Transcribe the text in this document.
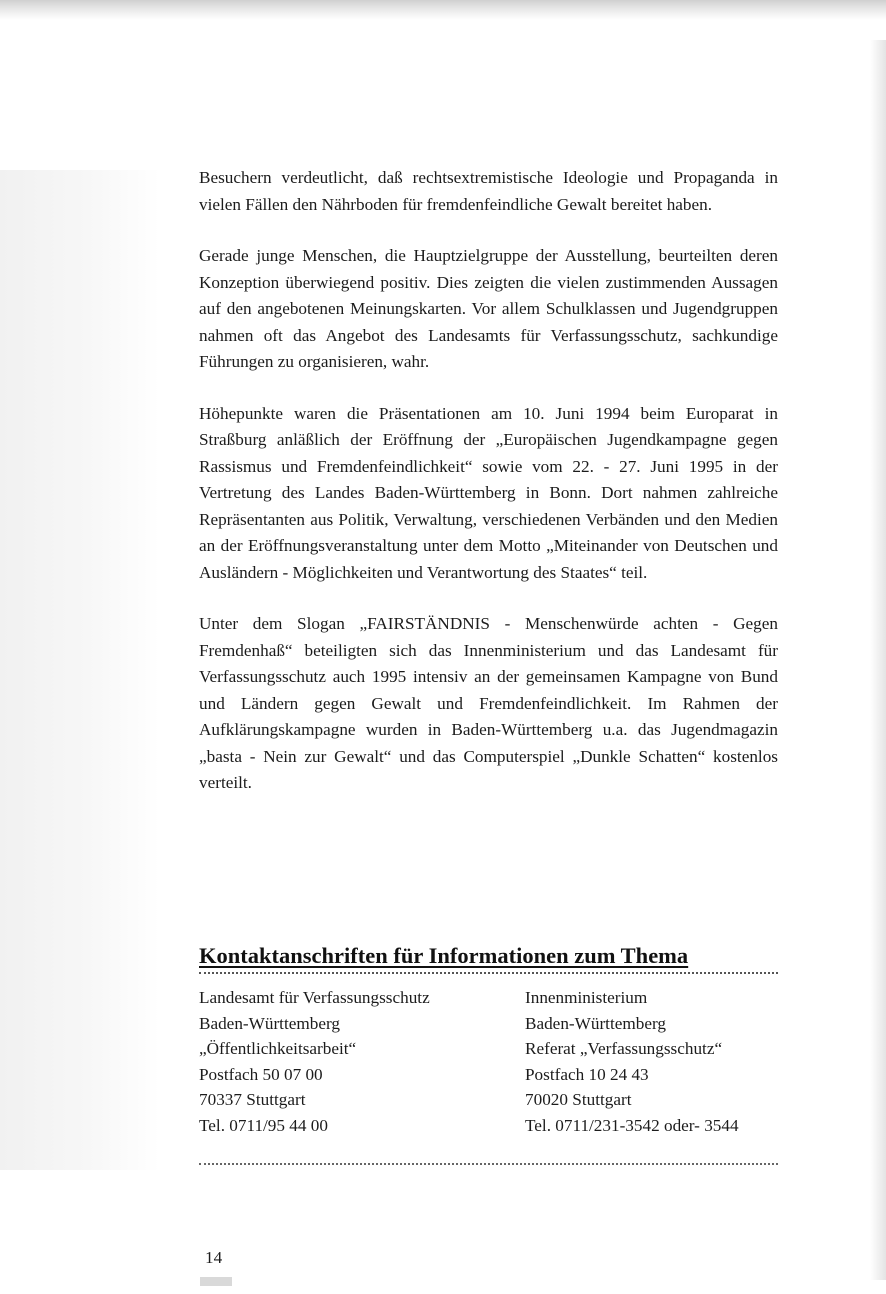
Besuchern verdeutlicht, daß rechtsextremistische Ideologie und Propaganda in vielen Fällen den Nährboden für fremdenfeindliche Gewalt bereitet haben.

Gerade junge Menschen, die Hauptzielgruppe der Ausstellung, beurteilten deren Konzeption überwiegend positiv. Dies zeigten die vielen zustimmenden Aussagen auf den angebotenen Meinungskarten. Vor allem Schulklassen und Jugendgruppen nahmen oft das Angebot des Landesamts für Verfassungsschutz, sachkundige Führungen zu organisieren, wahr.

Höhepunkte waren die Präsentationen am 10. Juni 1994 beim Europarat in Straßburg anläßlich der Eröffnung der „Europäischen Jugendkampagne gegen Rassismus und Fremdenfeindlichkeit“ sowie vom 22. - 27. Juni 1995 in der Vertretung des Landes Baden-Württemberg in Bonn. Dort nahmen zahlreiche Repräsentanten aus Politik, Verwaltung, verschiedenen Verbänden und den Medien an der Eröffnungsveranstaltung unter dem Motto „Miteinander von Deutschen und Ausländern - Möglichkeiten und Verantwortung des Staates“ teil.

Unter dem Slogan „FAIRSTÄNDNIS - Menschenwürde achten - Gegen Fremdenhaß“ beteiligten sich das Innenministerium und das Landesamt für Verfassungsschutz auch 1995 intensiv an der gemeinsamen Kampagne von Bund und Ländern gegen Gewalt und Fremdenfeindlichkeit. Im Rahmen der Aufklärungskampagne wurden in Baden-Württemberg u.a. das Jugendmagazin „basta - Nein zur Gewalt“ und das Computerspiel „Dunkle Schatten“ kostenlos verteilt.

Kontaktanschriften für Informationen zum Thema
Landesamt für Verfassungsschutz
Baden-Württemberg
„Öffentlichkeitsarbeit“
Postfach 50 07 00
70337 Stuttgart
Tel. 0711/95 44 00
Innenministerium
Baden-Württemberg
Referat „Verfassungsschutz“
Postfach 10 24 43
70020 Stuttgart
Tel. 0711/231-3542 oder- 3544
14
